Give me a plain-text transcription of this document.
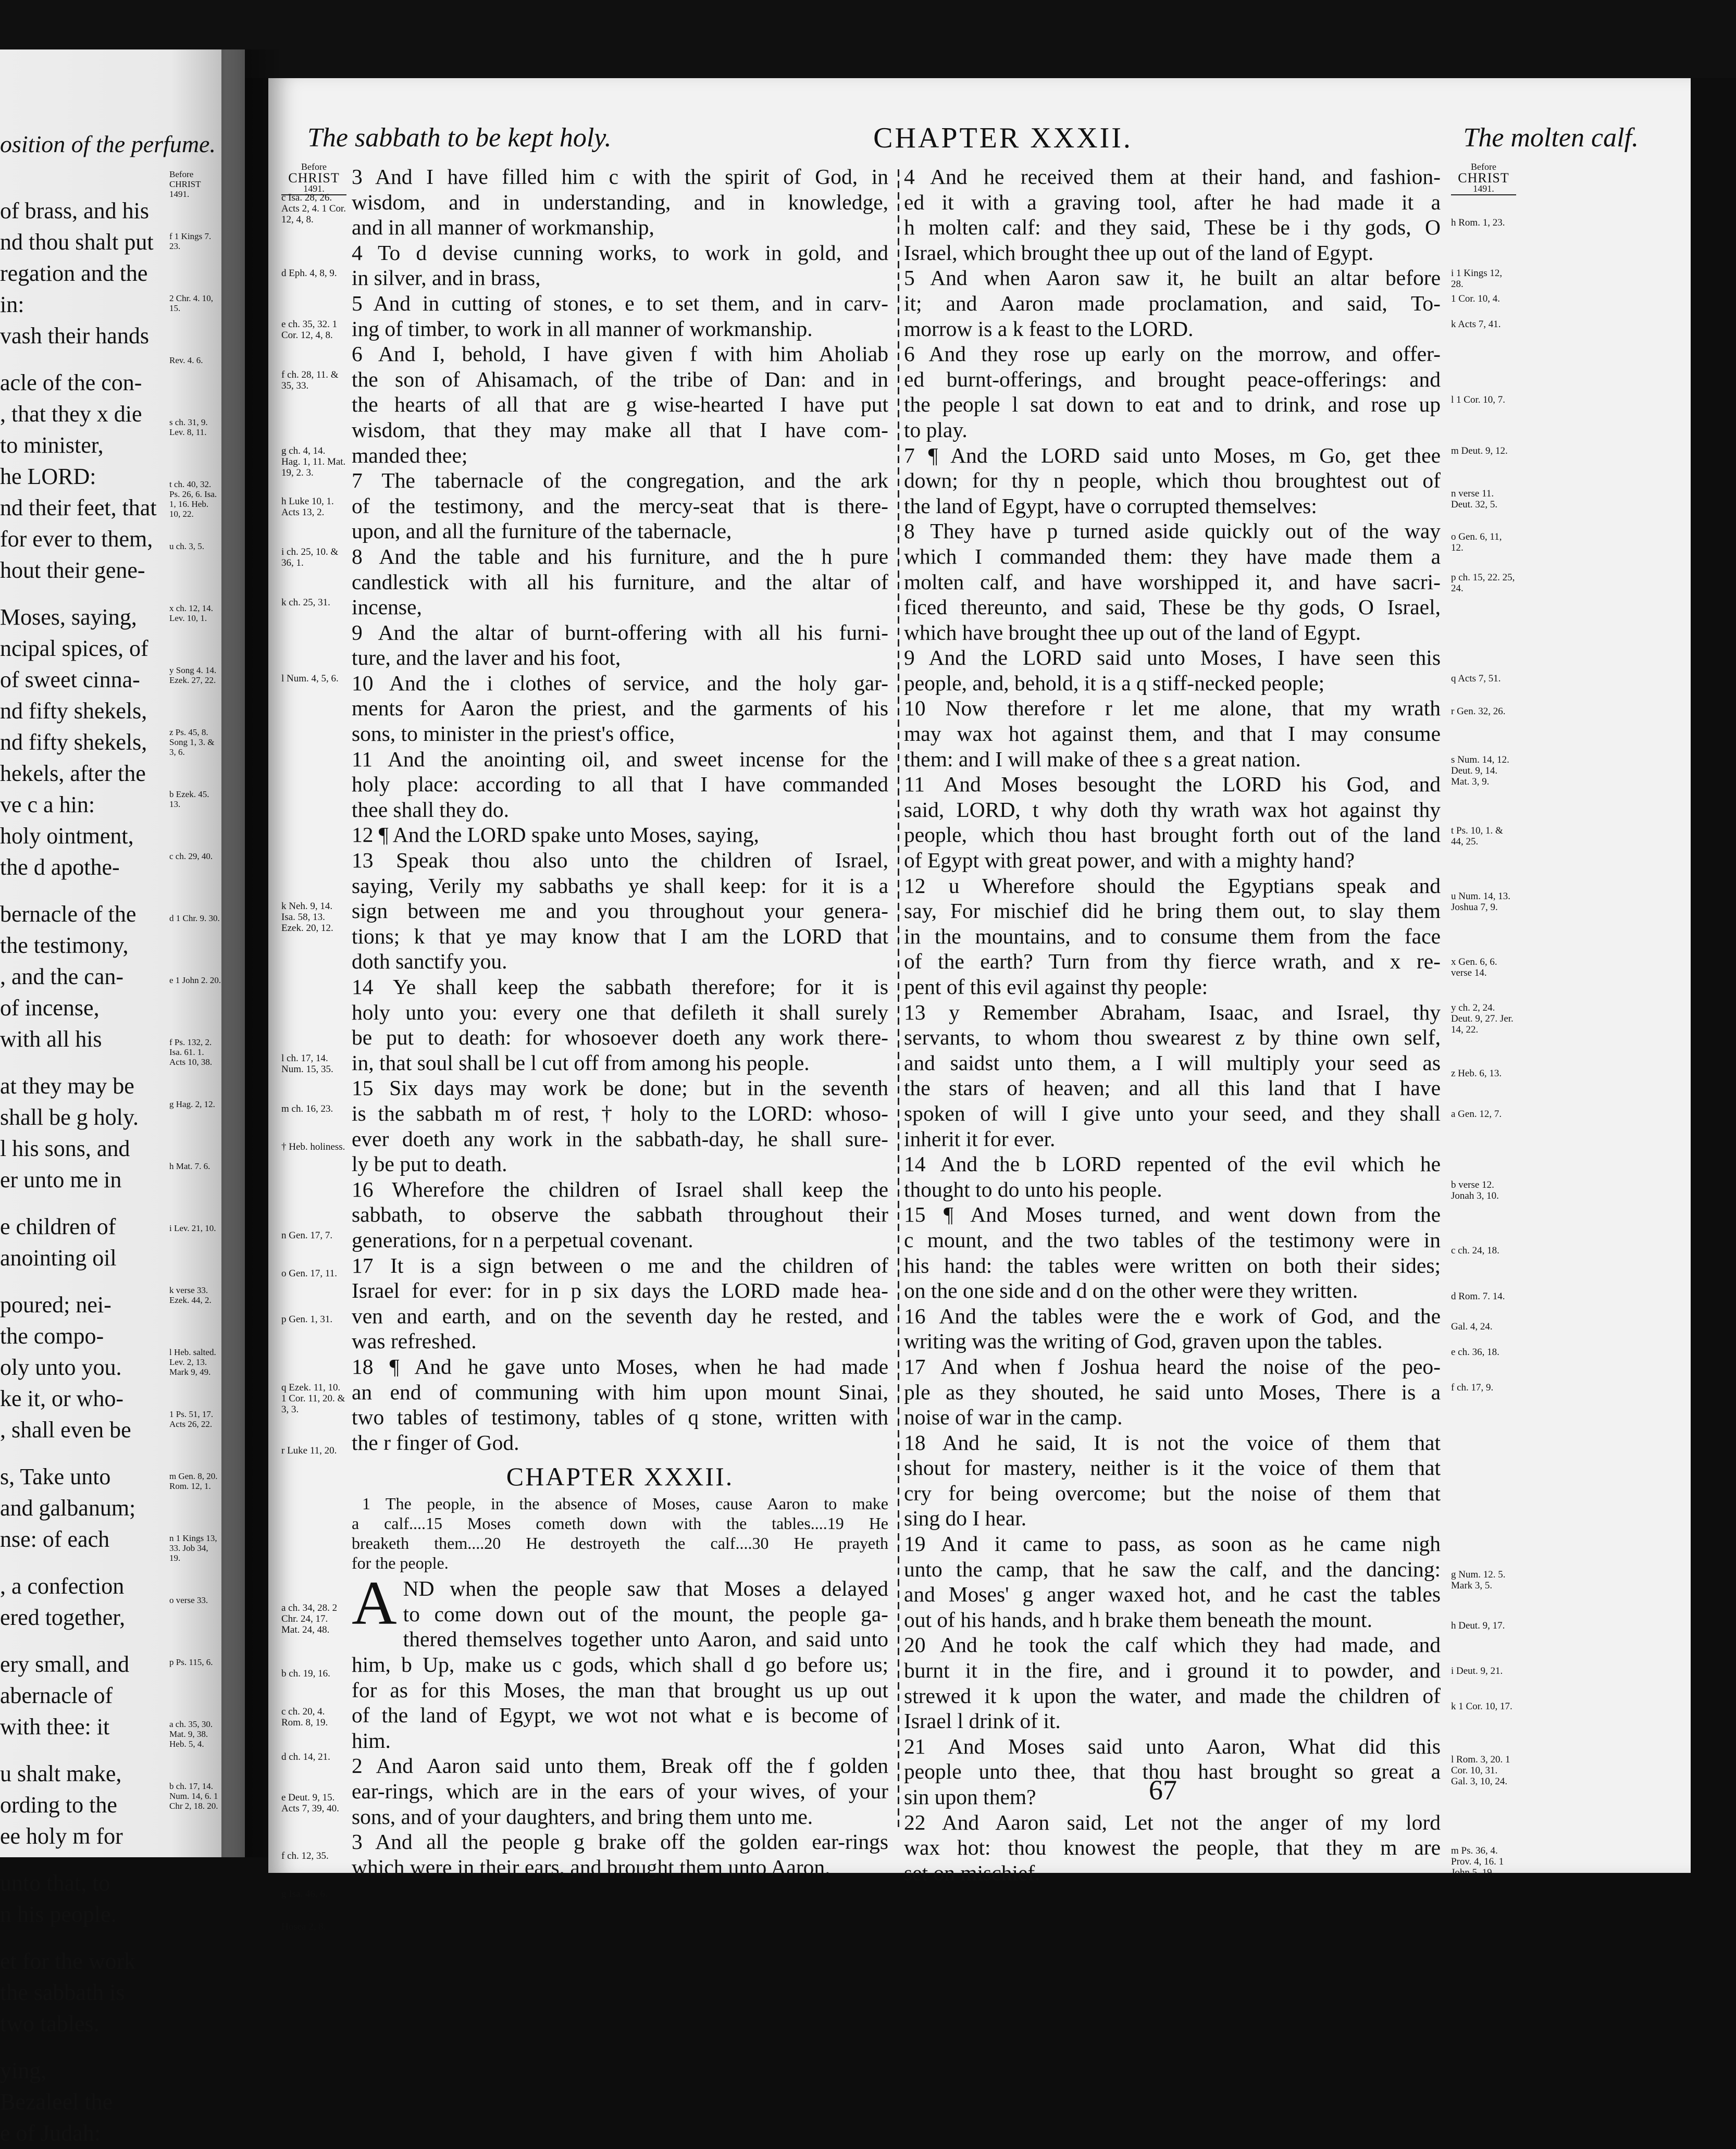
osition of the perfume.
of brass, and his
nd thou shalt put
regation and the
in:
vash their hands
acle of the con-
, that they x die
to minister,
he LORD:
nd their feet, that
for ever to them,
hout their gene-
Moses, saying,
ncipal spices, of
of sweet cinna-
nd fifty shekels,
nd fifty shekels,
hekels, after the
ve c a hin:
holy ointment,
the d apothe-
bernacle of the
the testimony,
, and the can-
of incense,
with all his
at they may be
shall be g holy.
l his sons, and
er unto me in
e children of
anointing oil
poured; nei-
the compo-
oly unto you.
ke it, or who-
, shall even be
s, Take unto
and galbanum;
nse: of each
, a confection
ered together,
ery small, and
abernacle of
with thee: it
u shalt make,
ording to the
ee holy m for
unto that, to
n his people.
et for the work
the sabbath is
two tables.
ying,
Bezaleel the
e of Judah:
Before CHRIST 1491.
f 1 Kings 7. 23.
2 Chr. 4. 10, 15.
Rev. 4. 6.
s ch. 31, 9. Lev. 8, 11.
t ch. 40, 32. Ps. 26, 6. Isa. 1, 16. Heb. 10, 22.
u ch. 3, 5.
x ch. 12, 14. Lev. 10, 1.
y Song 4. 14. Ezek. 27, 22.
z Ps. 45, 8. Song 1, 3. & 3, 6.
b Ezek. 45. 13.
c ch. 29, 40.
d 1 Chr. 9. 30.
e 1 John 2. 20.
f Ps. 132, 2. Isa. 61. 1. Acts 10, 38.
g Hag. 2, 12.
h Mat. 7. 6.
i Lev. 21, 10.
k verse 33. Ezek. 44, 2.
l Heb. salted. Lev. 2, 13. Mark 9, 49.
1 Ps. 51, 17. Acts 26, 22.
m Gen. 8, 20. Rom. 12, 1.
n 1 Kings 13, 33. Job 34, 19.
o verse 33.
p Ps. 115, 6.
a ch. 35, 30. Mat. 9, 38. Heb. 5, 4.
b ch. 17, 14. Num. 14, 6. 1 Chr 2, 18. 20.
The sabbath to be kept holy.	CHAPTER XXXII.	The molten calf.
Before
CHRIST
1491.
c Isa. 28, 26. Acts 2, 4. 1 Cor. 12, 4, 8.
d Eph. 4, 8, 9.
e ch. 35, 32. 1 Cor. 12, 4, 8.
f ch. 28, 11. & 35, 33.
g ch. 4, 14. Hag. 1, 11. Mat. 19, 2. 3.
h Luke 10, 1. Acts 13, 2.
i ch. 25, 10. & 36, 1.
k ch. 25, 31.
l Num. 4, 5, 6.
k Neh. 9, 14. Isa. 58, 13. Ezek. 20, 12.
l ch. 17, 14. Num. 15, 35.
m ch. 16, 23.
† Heb. holiness.
n Gen. 17, 7.
o Gen. 17, 11.
p Gen. 1, 31.
q Ezek. 11, 10. 1 Cor. 11, 20. & 3, 3.
r Luke 11, 20.
a ch. 34, 28. 2 Chr. 24, 17. Mat. 24, 48.
b ch. 19, 16.
c ch. 20, 4. Rom. 8, 19.
d ch. 14, 21.
e Deut. 9, 15. Acts 7, 39, 40.
f ch. 12, 35.
g Isa. 46, 6.
Hosea 2, 8.
3 And I have filled him c with the spirit of God, in
wisdom, and in understanding, and in knowledge,
and in all manner of workmanship,
4 To d devise cunning works, to work in gold, and
in silver, and in brass,
5 And in cutting of stones, e to set them, and in carv-
ing of timber, to work in all manner of workmanship.
6 And I, behold, I have given f with him Aholiab
the son of Ahisamach, of the tribe of Dan: and in
the hearts of all that are g wise-hearted I have put
wisdom, that they may make all that I have com-
manded thee;
7 The tabernacle of the congregation, and the ark
of the testimony, and the mercy-seat that is there-
upon, and all the furniture of the tabernacle,
8 And the table and his furniture, and the h pure
candlestick with all his furniture, and the altar of
incense,
9 And the altar of burnt-offering with all his furni-
ture, and the laver and his foot,
10 And the i clothes of service, and the holy gar-
ments for Aaron the priest, and the garments of his
sons, to minister in the priest's office,
11 And the anointing oil, and sweet incense for the
holy place: according to all that I have commanded
thee shall they do.
12 ¶ And the LORD spake unto Moses, saying,
13 Speak thou also unto the children of Israel,
saying, Verily my sabbaths ye shall keep: for it is a
sign between me and you throughout your genera-
tions; k that ye may know that I am the LORD that
doth sanctify you.
14 Ye shall keep the sabbath therefore; for it is
holy unto you: every one that defileth it shall surely
be put to death: for whosoever doeth any work there-
in, that soul shall be l cut off from among his people.
15 Six days may work be done; but in the seventh
is the sabbath m of rest, † holy to the LORD: whoso-
ever doeth any work in the sabbath-day, he shall sure-
ly be put to death.
16 Wherefore the children of Israel shall keep the
sabbath, to observe the sabbath throughout their
generations, for n a perpetual covenant.
17 It is a sign between o me and the children of
Israel for ever: for in p six days the LORD made hea-
ven and earth, and on the seventh day he rested, and
was refreshed.
18 ¶ And he gave unto Moses, when he had made
an end of communing with him upon mount Sinai,
two tables of testimony, tables of q stone, written with
the r finger of God.
CHAPTER XXXII.
1 The people, in the absence of Moses, cause Aaron to make
a calf....15 Moses cometh down with the tables....19 He
breaketh them....20 He destroyeth the calf....30 He prayeth
for the people.
A ND when the people saw that Moses a delayed
to come down out of the mount, the people ga-
thered themselves together unto Aaron, and said unto
him, b Up, make us c gods, which shall d go before us;
for as for this Moses, the man that brought us up out
of the land of Egypt, we wot not what e is become of
him.
2 And Aaron said unto them, Break off the f golden
ear-rings, which are in the ears of your wives, of your
sons, and of your daughters, and bring them unto me.
3 And all the people g brake off the golden ear-rings
which were in their ears, and brought them unto Aaron.
4 And he received them at their hand, and fashion-
ed it with a graving tool, after he had made it a
h molten calf: and they said, These be i thy gods, O
Israel, which brought thee up out of the land of Egypt.
5 And when Aaron saw it, he built an altar before
it; and Aaron made proclamation, and said, To-
morrow is a k feast to the LORD.
6 And they rose up early on the morrow, and offer-
ed burnt-offerings, and brought peace-offerings: and
the people l sat down to eat and to drink, and rose up
to play.
7 ¶ And the LORD said unto Moses, m Go, get thee
down; for thy n people, which thou broughtest out of
the land of Egypt, have o corrupted themselves:
8 They have p turned aside quickly out of the way
which I commanded them: they have made them a
molten calf, and have worshipped it, and have sacri-
ficed thereunto, and said, These be thy gods, O Israel,
which have brought thee up out of the land of Egypt.
9 And the LORD said unto Moses, I have seen this
people, and, behold, it is a q stiff-necked people;
10 Now therefore r let me alone, that my wrath
may wax hot against them, and that I may consume
them: and I will make of thee s a great nation.
11 And Moses besought the LORD his God, and
said, LORD, t why doth thy wrath wax hot against thy
people, which thou hast brought forth out of the land
of Egypt with great power, and with a mighty hand?
12 u Wherefore should the Egyptians speak and
say, For mischief did he bring them out, to slay them
in the mountains, and to consume them from the face
of the earth? Turn from thy fierce wrath, and x re-
pent of this evil against thy people:
13 y Remember Abraham, Isaac, and Israel, thy
servants, to whom thou swearest z by thine own self,
and saidst unto them, a I will multiply your seed as
the stars of heaven; and all this land that I have
spoken of will I give unto your seed, and they shall
inherit it for ever.
14 And the b LORD repented of the evil which he
thought to do unto his people.
15 ¶ And Moses turned, and went down from the
c mount, and the two tables of the testimony were in
his hand: the tables were written on both their sides;
on the one side and d on the other were they written.
16 And the tables were the e work of God, and the
writing was the writing of God, graven upon the tables.
17 And when f Joshua heard the noise of the peo-
ple as they shouted, he said unto Moses, There is a
noise of war in the camp.
18 And he said, It is not the voice of them that
shout for mastery, neither is it the voice of them that
cry for being overcome; but the noise of them that
sing do I hear.
19 And it came to pass, as soon as he came nigh
unto the camp, that he saw the calf, and the dancing:
and Moses' g anger waxed hot, and he cast the tables
out of his hands, and h brake them beneath the mount.
20 And he took the calf which they had made, and
burnt it in the fire, and i ground it to powder, and
strewed it k upon the water, and made the children of
Israel l drink of it.
21 And Moses said unto Aaron, What did this
people unto thee, that thou hast brought so great a
sin upon them?
22 And Aaron said, Let not the anger of my lord
wax hot: thou knowest the people, that they m are
set on mischief.
Before
CHRIST
1491.
h Rom. 1, 23.
i 1 Kings 12, 28.
1 Cor. 10, 4.
k Acts 7, 41.
l 1 Cor. 10, 7.
m Deut. 9, 12.
n verse 11. Deut. 32, 5.
o Gen. 6, 11, 12.
p ch. 15, 22. 25, 24.
q Acts 7, 51.
r Gen. 32, 26.
s Num. 14, 12. Deut. 9, 14. Mat. 3, 9.
t Ps. 10, 1. & 44, 25.
u Num. 14, 13. Joshua 7, 9.
x Gen. 6, 6. verse 14.
y ch. 2, 24. Deut. 9, 27. Jer. 14, 22.
z Heb. 6, 13.
a Gen. 12, 7.
b verse 12. Jonah 3, 10.
c ch. 24, 18.
d Rom. 7. 14.
Gal. 4, 24.
e ch. 36, 18.
f ch. 17, 9.
g Num. 12. 5. Mark 3, 5.
h Deut. 9, 17.
i Deut. 9, 21.
k 1 Cor. 10, 17.
l Rom. 3, 20. 1 Cor. 10, 31. Gal. 3, 10, 24.
m Ps. 36, 4. Prov. 4, 16. 1 John 5, 19.
67
